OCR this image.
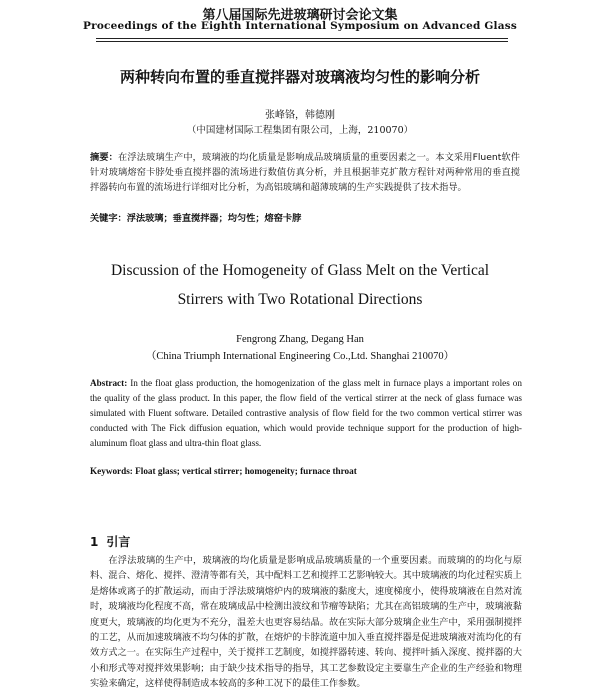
第八届国际先进玻璃研讨会论文集
Proceedings of the Eighth International Symposium on Advanced Glass
两种转向布置的垂直搅拌器对玻璃液均匀性的影响分析
张峰铬，韩德刚
（中国建材国际工程集团有限公司，上海，210070）
摘要：在浮法玻璃生产中，玻璃液的均化质量是影响成品玻璃质量的重要因素之一。本文采用Fluent软件针对玻璃熔窑卡脖处垂直搅拌器的流场进行数值仿真分析，并且根据菲克扩散方程针对两种常用的垂直搅拌器转向布置的流场进行详细对比分析，为高铝玻璃和超薄玻璃的生产实践提供了技术指导。
关键字：浮法玻璃；垂直搅拌器；均匀性；熔窑卡脖
Discussion of the Homogeneity of Glass Melt on the Vertical
Stirrers with Two Rotational Directions
Fengrong Zhang, Degang Han
（China Triumph International Engineering Co.,Ltd. Shanghai 210070）
Abstract: In the float glass production, the homogenization of the glass melt in furnace plays a important roles on the quality of the glass product. In this paper, the flow field of the vertical stirrer at the neck of glass furnace was simulated with Fluent software. Detailed contrastive analysis of flow field for the two common vertical stirrer was conducted with The Fick diffusion equation, which would provide technique support for the production of high-aluminum float glass and ultra-thin float glass.
Keywords: Float glass; vertical stirrer; homogeneity; furnace throat
1 引言
在浮法玻璃的生产中，玻璃液的均化质量是影响成品玻璃质量的一个重要因素。而玻璃的的均化与原料、混合、熔化、搅拌、澄清等都有关，其中配料工艺和搅拌工艺影响较大。其中玻璃液的均化过程实质上是熔体或离子的扩散运动，而由于浮法玻璃熔炉内的玻璃液的黏度大，速度梯度小，使得玻璃液在自然对流时，玻璃液均化程度不高，常在玻璃成品中检测出波纹和节瘤等缺陷；尤其在高铝玻璃的生产中，玻璃液黏度更大，玻璃液的均化更为不充分，温差大也更容易结晶。故在实际大部分玻璃企业生产中，采用强制搅拌的工艺，从而加速玻璃液不均匀体的扩散，在熔炉的卡脖流道中加入垂直搅拌器是促进玻璃液对流均化的有效方式之一。在实际生产过程中，关于搅拌工艺制度，如搅拌器转速、转向、搅拌叶插入深度、搅拌器的大小和形式等对搅拌效果影响；由于缺少技术指导的指导，其工艺参数设定主要靠生产企业的生产经验和物理实验来确定，这样使得制造成本较高的多种工况下的最佳工作参数。
